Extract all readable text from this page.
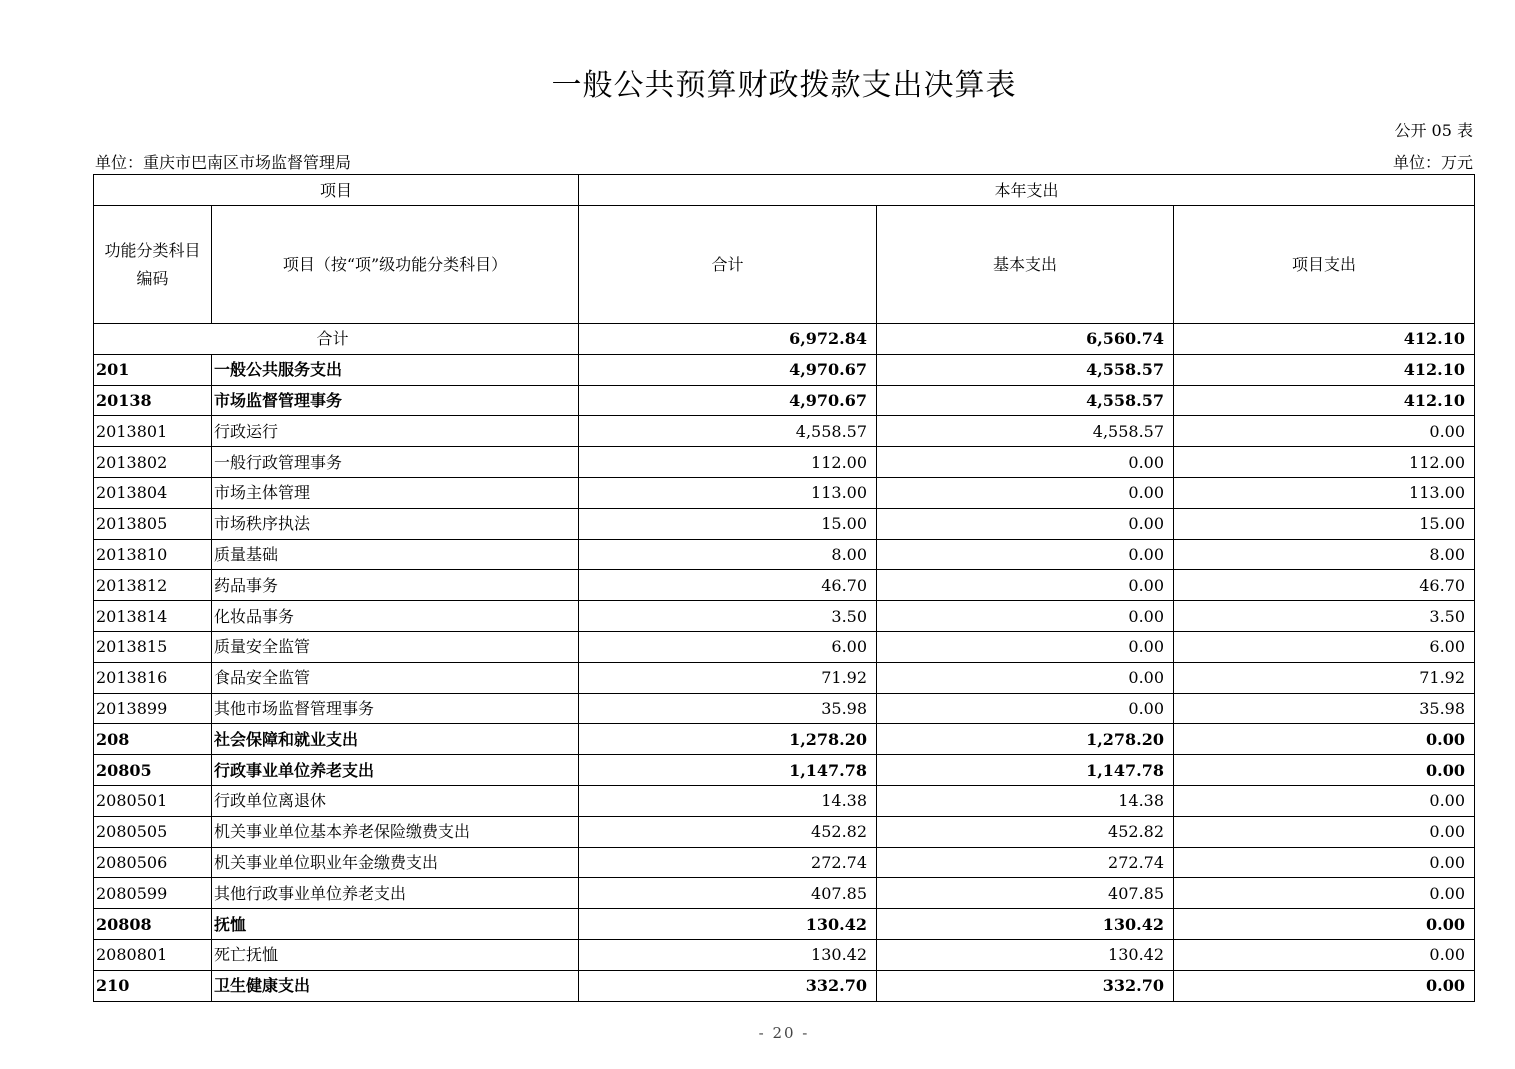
一般公共预算财政拨款支出决算表
公开 05 表
单位：重庆市巴南区市场监督管理局	单位：万元
项目		本年支出		
功能分类科目编码	项目（按“项”级功能分类科目）	合计	基本支出	项目支出
合计		6,972.84	6,560.74	412.10
201	一般公共服务支出	4,970.67	4,558.57	412.10
20138	市场监督管理事务	4,970.67	4,558.57	412.10
2013801	行政运行	4,558.57	4,558.57	0.00
2013802	一般行政管理事务	112.00	0.00	112.00
2013804	市场主体管理	113.00	0.00	113.00
2013805	市场秩序执法	15.00	0.00	15.00
2013810	质量基础	8.00	0.00	8.00
2013812	药品事务	46.70	0.00	46.70
2013814	化妆品事务	3.50	0.00	3.50
2013815	质量安全监管	6.00	0.00	6.00
2013816	食品安全监管	71.92	0.00	71.92
2013899	其他市场监督管理事务	35.98	0.00	35.98
208	社会保障和就业支出	1,278.20	1,278.20	0.00
20805	行政事业单位养老支出	1,147.78	1,147.78	0.00
2080501	行政单位离退休	14.38	14.38	0.00
2080505	机关事业单位基本养老保险缴费支出	452.82	452.82	0.00
2080506	机关事业单位职业年金缴费支出	272.74	272.74	0.00
2080599	其他行政事业单位养老支出	407.85	407.85	0.00
20808	抚恤	130.42	130.42	0.00
2080801	死亡抚恤	130.42	130.42	0.00
210	卫生健康支出	332.70	332.70	0.00
- 20 -
